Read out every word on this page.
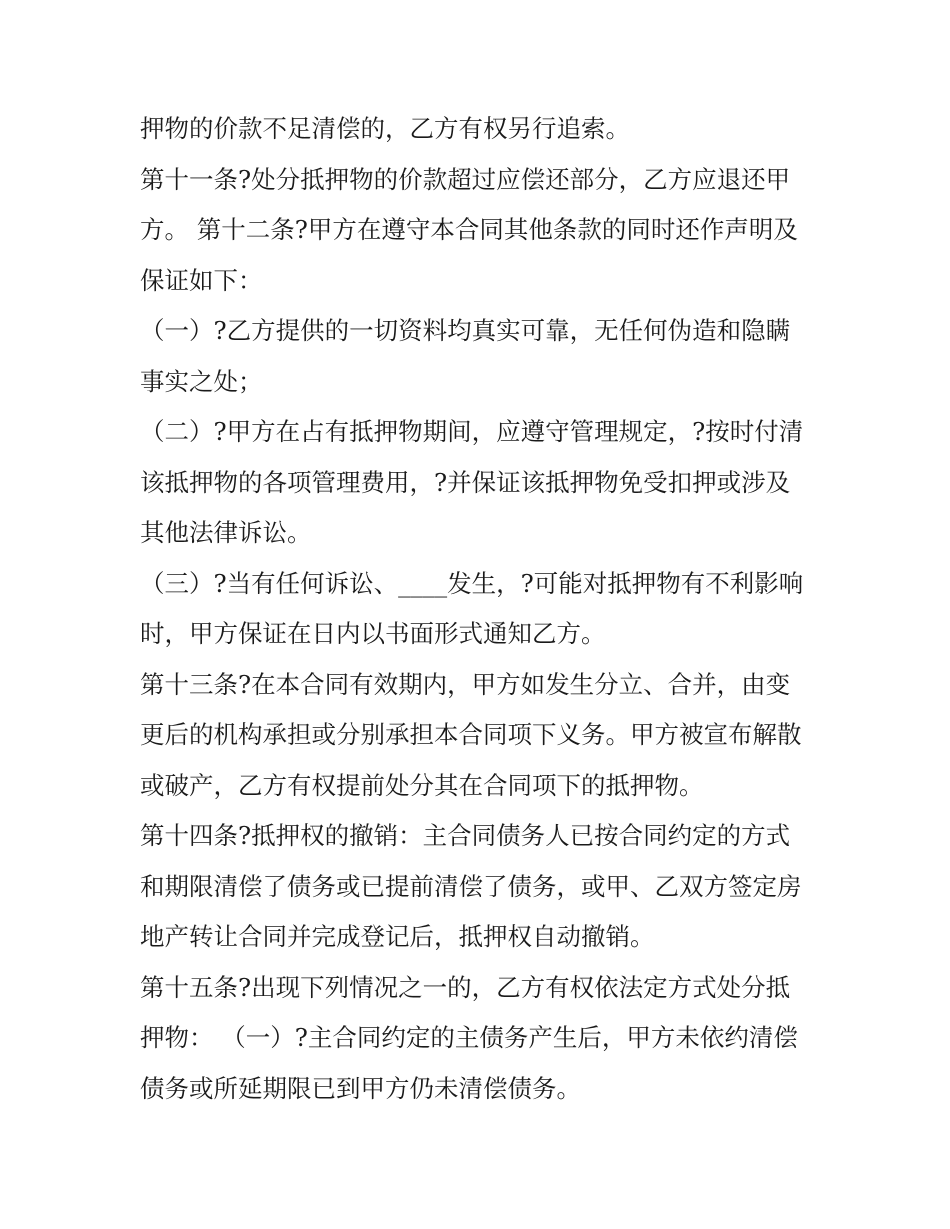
押物的价款不足清偿的，乙方有权另行追索。
第十一条?处分抵押物的价款超过应偿还部分，乙方应退还甲
方。 第十二条?甲方在遵守本合同其他条款的同时还作声明及
保证如下：
（一）?乙方提供的一切资料均真实可靠，无任何伪造和隐瞒
事实之处；
（二）?甲方在占有抵押物期间，应遵守管理规定，?按时付清
该抵押物的各项管理费用，?并保证该抵押物免受扣押或涉及
其他法律诉讼。
（三）?当有任何诉讼、____发生，?可能对抵押物有不利影响
时，甲方保证在日内以书面形式通知乙方。
第十三条?在本合同有效期内，甲方如发生分立、合并，由变
更后的机构承担或分别承担本合同项下义务。甲方被宣布解散
或破产，乙方有权提前处分其在合同项下的抵押物。
第十四条?抵押权的撤销：主合同债务人已按合同约定的方式
和期限清偿了债务或已提前清偿了债务，或甲、乙双方签定房
地产转让合同并完成登记后，抵押权自动撤销。
第十五条?出现下列情况之一的，乙方有权依法定方式处分抵
押物： （一）?主合同约定的主债务产生后，甲方未依约清偿
债务或所延期限已到甲方仍未清偿债务。
